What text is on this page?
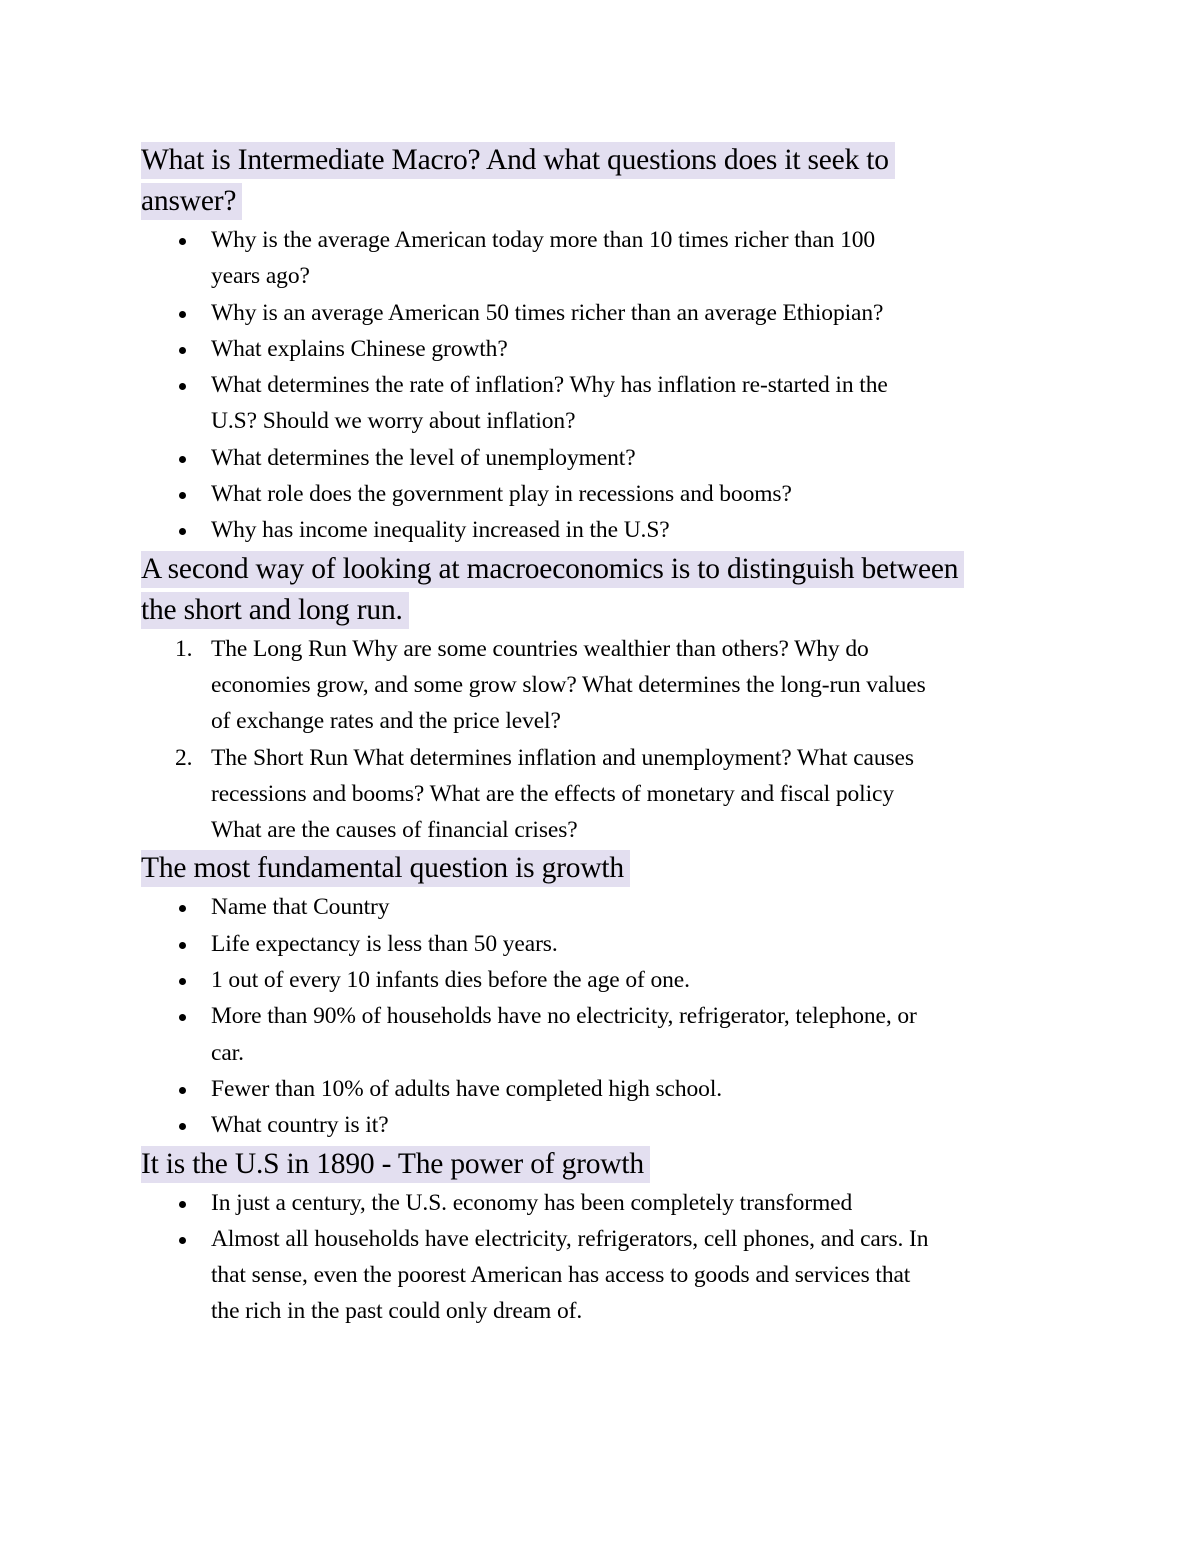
What is Intermediate Macro? And what questions does it seek to
answer?
Why is the average American today more than 10 times richer than 100
years ago?
Why is an average American 50 times richer than an average Ethiopian?
What explains Chinese growth?
What determines the rate of inflation? Why has inflation re-started in the
U.S? Should we worry about inflation?
What determines the level of unemployment?
What role does the government play in recessions and booms?
Why has income inequality increased in the U.S?
A second way of looking at macroeconomics is to distinguish between
the short and long run.
1. The Long Run Why are some countries wealthier than others? Why do
economies grow, and some grow slow? What determines the long-run values
of exchange rates and the price level?
2. The Short Run What determines inflation and unemployment? What causes
recessions and booms? What are the effects of monetary and fiscal policy
What are the causes of financial crises?
The most fundamental question is growth
Name that Country
Life expectancy is less than 50 years.
1 out of every 10 infants dies before the age of one.
More than 90% of households have no electricity, refrigerator, telephone, or
car.
Fewer than 10% of adults have completed high school.
What country is it?
It is the U.S in 1890 - The power of growth
In just a century, the U.S. economy has been completely transformed
Almost all households have electricity, refrigerators, cell phones, and cars. In
that sense, even the poorest American has access to goods and services that
the rich in the past could only dream of.
